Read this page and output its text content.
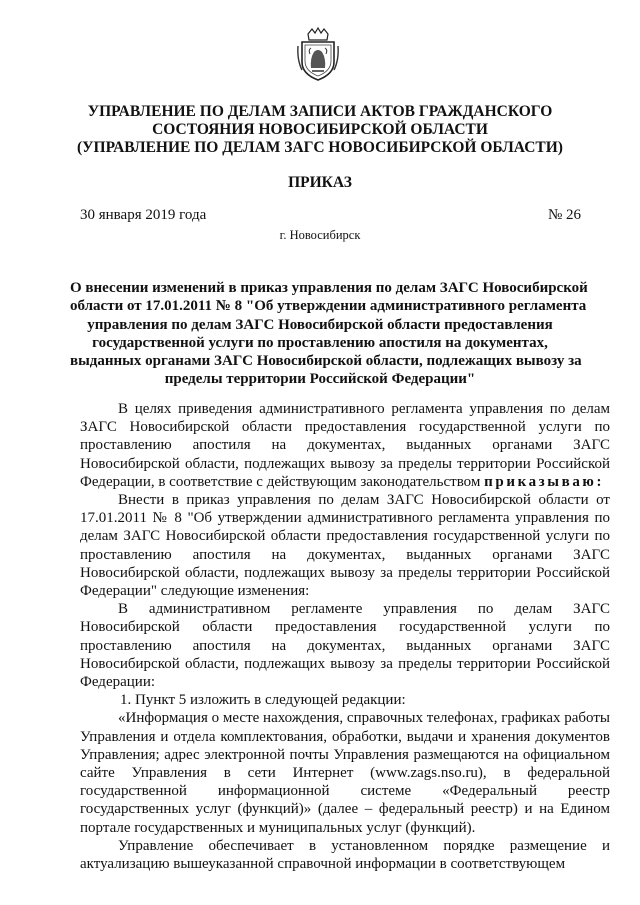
УПРАВЛЕНИЕ ПО ДЕЛАМ ЗАПИСИ АКТОВ ГРАЖДАНСКОГО
СОСТОЯНИЯ НОВОСИБИРСКОЙ ОБЛАСТИ
(УПРАВЛЕНИЕ ПО ДЕЛАМ ЗАГС НОВОСИБИРСКОЙ ОБЛАСТИ)
ПРИКАЗ
30 января 2019 года	№ 26
г. Новосибирск
О внесении изменений в приказ управления по делам ЗАГС Новосибирской
области от 17.01.2011 № 8 "Об утверждении административного регламента
управления по делам ЗАГС Новосибирской области предоставления
государственной услуги по проставлению апостиля на документах,
выданных органами ЗАГС Новосибирской области, подлежащих вывозу за
пределы территории Российской Федерации"

В целях приведения административного регламента управления по делам ЗАГС Новосибирской области предоставления государственной услуги по проставлению апостиля на документах, выданных органами ЗАГС Новосибирской области, подлежащих вывозу за пределы территории Российской Федерации, в соответствие с действующим законодательством приказываю:

Внести в приказ управления по делам ЗАГС Новосибирской области от 17.01.2011 № 8 "Об утверждении административного регламента управления по делам ЗАГС Новосибирской области предоставления государственной услуги по проставлению апостиля на документах, выданных органами ЗАГС Новосибирской области, подлежащих вывозу за пределы территории Российской Федерации" следующие изменения:

В административном регламенте управления по делам ЗАГС Новосибирской области предоставления государственной услуги по проставлению апостиля на документах, выданных органами ЗАГС Новосибирской области, подлежащих вывозу за пределы территории Российской Федерации:

1. Пункт 5 изложить в следующей редакции:

«Информация о месте нахождения, справочных телефонах, графиках работы Управления и отдела комплектования, обработки, выдачи и хранения документов Управления; адрес электронной почты Управления размещаются на официальном сайте Управления в сети Интернет (www.zags.nso.ru), в федеральной государственной информационной системе «Федеральный реестр государственных услуг (функций)» (далее – федеральный реестр) и на Едином портале государственных и муниципальных услуг (функций).

Управление обеспечивает в установленном порядке размещение и актуализацию вышеуказанной справочной информации в соответствующем
